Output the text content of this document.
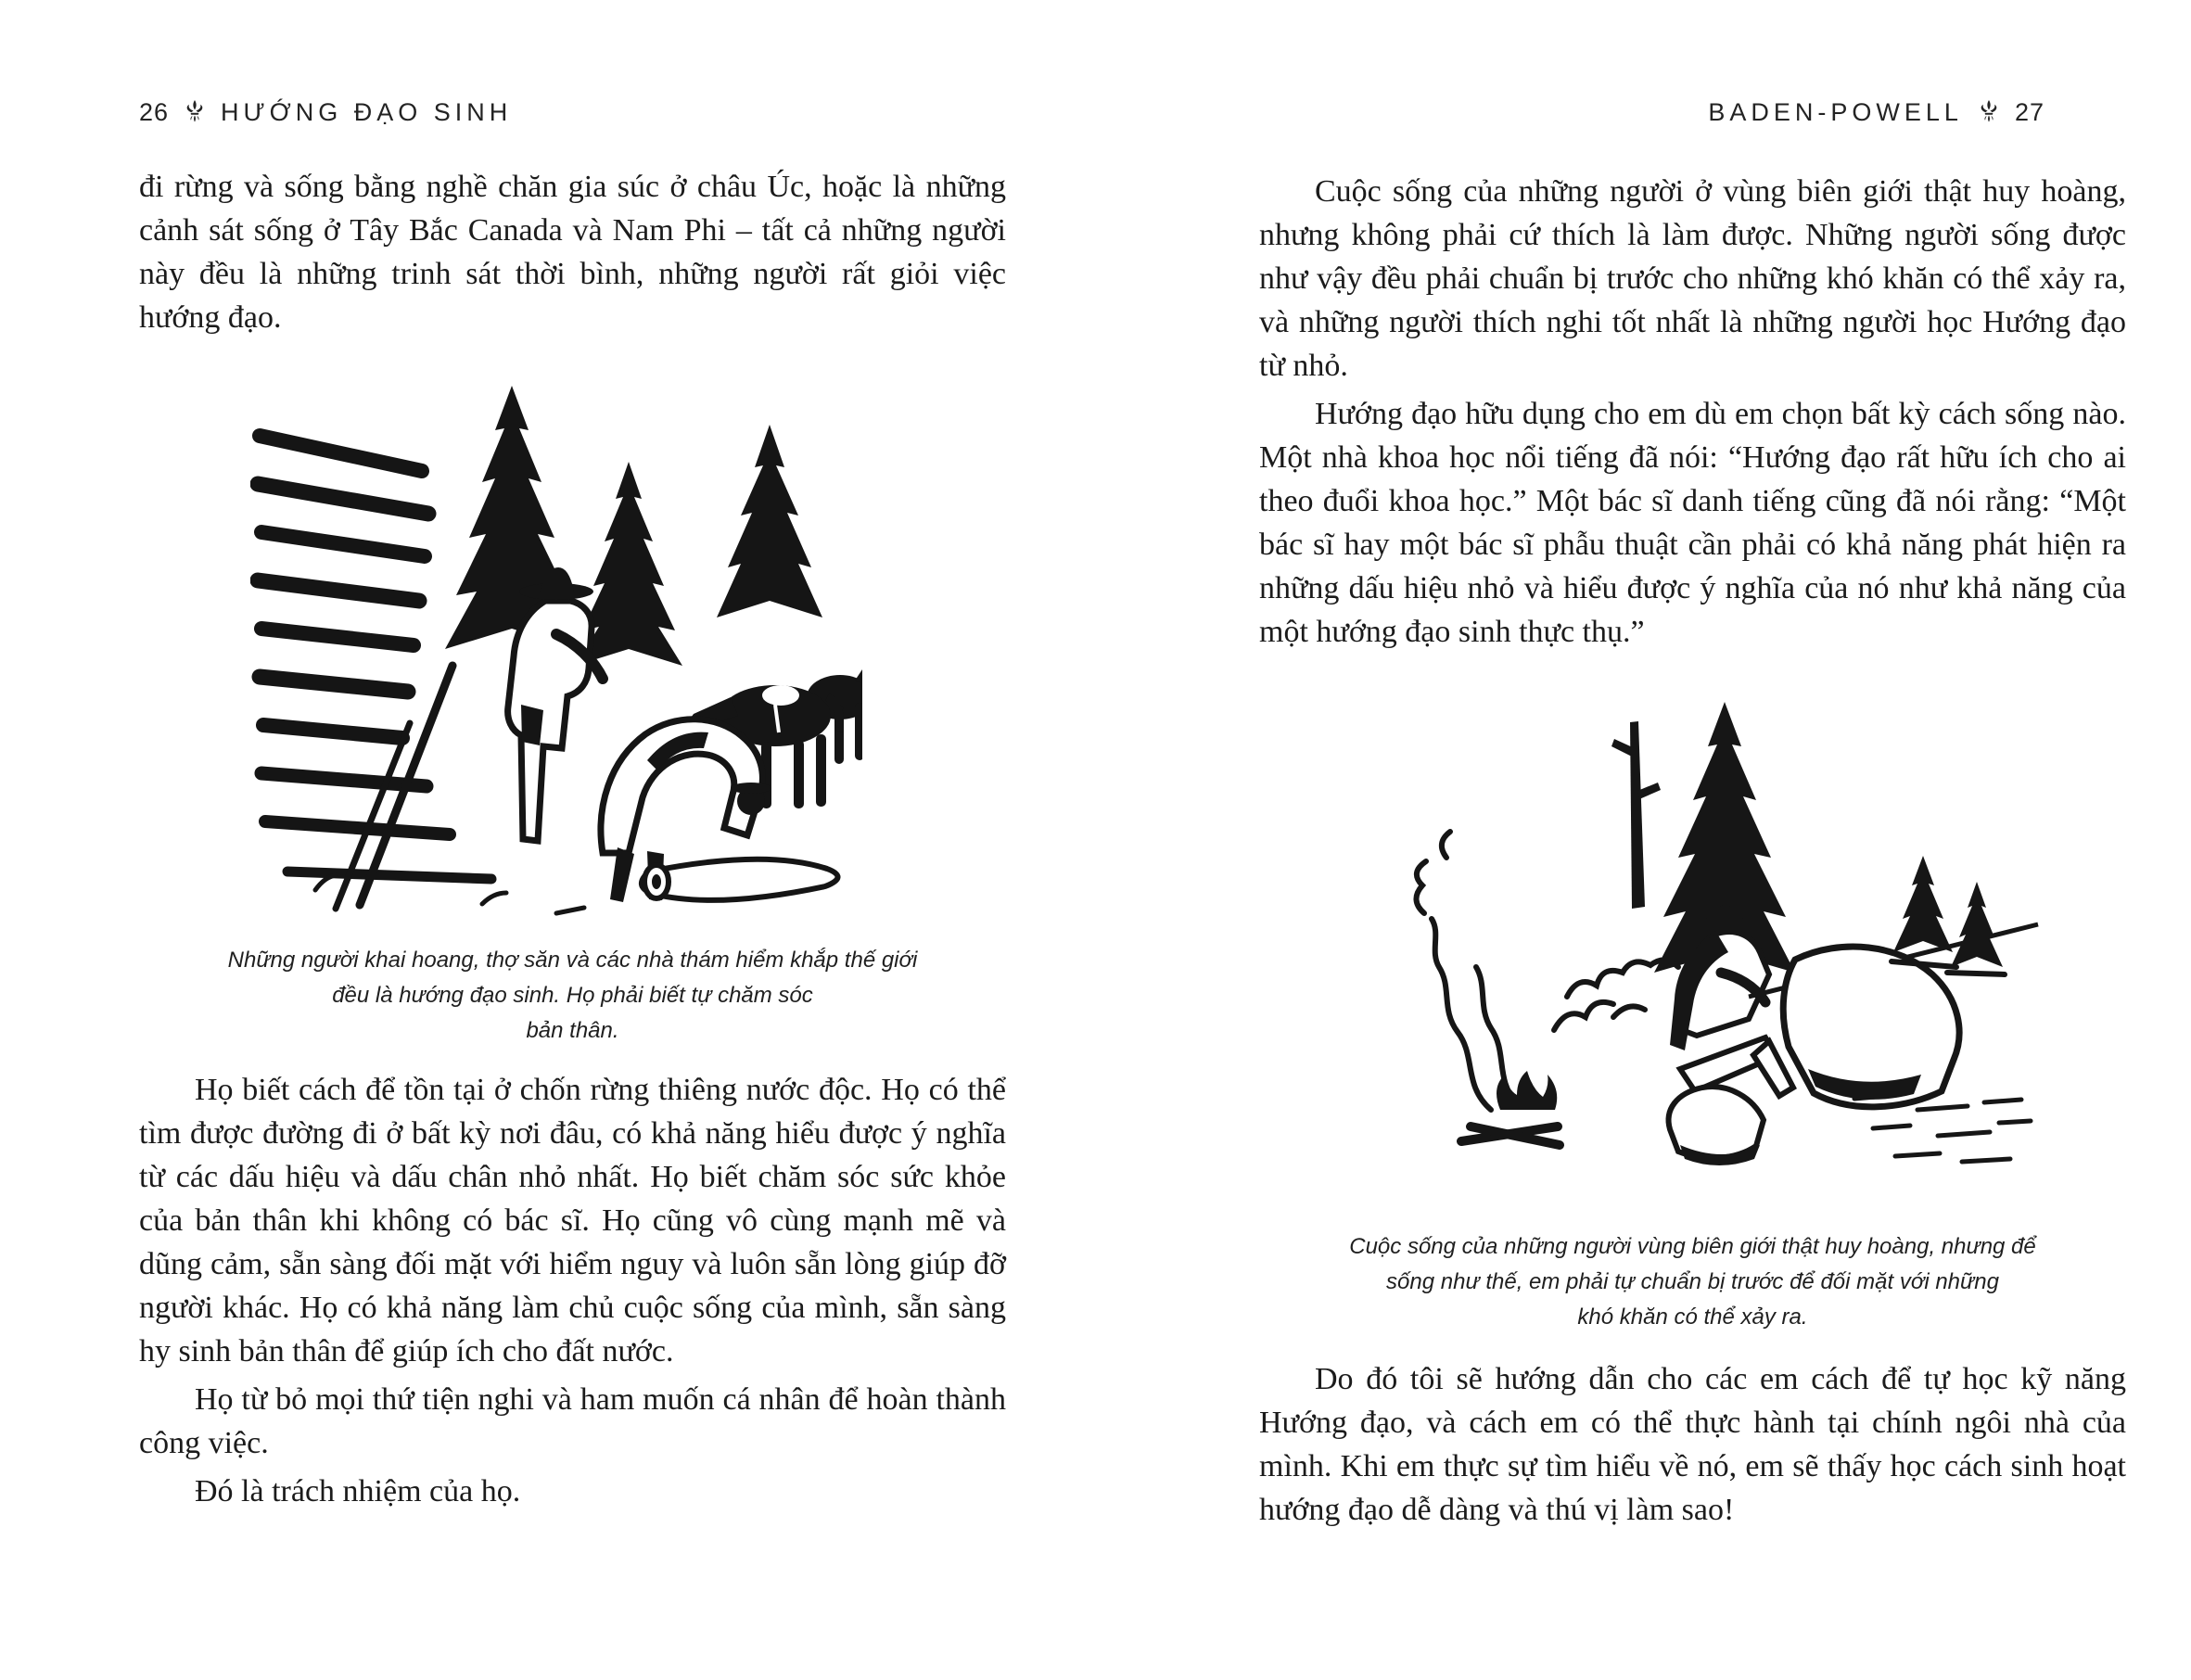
26 HƯỚNG ĐẠO SINH

đi rừng và sống bằng nghề chăn gia súc ở châu Úc, hoặc là những cảnh sát sống ở Tây Bắc Canada và Nam Phi – tất cả những người này đều là những trinh sát thời bình, những người rất giỏi việc hướng đạo.

Những người khai hoang, thợ săn và các nhà thám hiểm khắp thế giới
đều là hướng đạo sinh. Họ phải biết tự chăm sóc
bản thân.

Họ biết cách để tồn tại ở chốn rừng thiêng nước độc. Họ có thể tìm được đường đi ở bất kỳ nơi đâu, có khả năng hiểu được ý nghĩa từ các dấu hiệu và dấu chân nhỏ nhất. Họ biết chăm sóc sức khỏe của bản thân khi không có bác sĩ. Họ cũng vô cùng mạnh mẽ và dũng cảm, sẵn sàng đối mặt với hiểm nguy và luôn sẵn lòng giúp đỡ người khác. Họ có khả năng làm chủ cuộc sống của mình, sẵn sàng hy sinh bản thân để giúp ích cho đất nước.

Họ từ bỏ mọi thứ tiện nghi và ham muốn cá nhân để hoàn thành công việc.

Đó là trách nhiệm của họ.

BADEN-POWELL 27

Cuộc sống của những người ở vùng biên giới thật huy hoàng, nhưng không phải cứ thích là làm được. Những người sống được như vậy đều phải chuẩn bị trước cho những khó khăn có thể xảy ra, và những người thích nghi tốt nhất là những người học Hướng đạo từ nhỏ.

Hướng đạo hữu dụng cho em dù em chọn bất kỳ cách sống nào. Một nhà khoa học nổi tiếng đã nói: “Hướng đạo rất hữu ích cho ai theo đuổi khoa học.” Một bác sĩ danh tiếng cũng đã nói rằng: “Một bác sĩ hay một bác sĩ phẫu thuật cần phải có khả năng phát hiện ra những dấu hiệu nhỏ và hiểu được ý nghĩa của nó như khả năng của một hướng đạo sinh thực thụ.”

Cuộc sống của những người vùng biên giới thật huy hoàng, nhưng để
sống như thế, em phải tự chuẩn bị trước để đối mặt với những
khó khăn có thể xảy ra.

Do đó tôi sẽ hướng dẫn cho các em cách để tự học kỹ năng Hướng đạo, và cách em có thể thực hành tại chính ngôi nhà của mình. Khi em thực sự tìm hiểu về nó, em sẽ thấy học cách sinh hoạt hướng đạo dễ dàng và thú vị làm sao!
